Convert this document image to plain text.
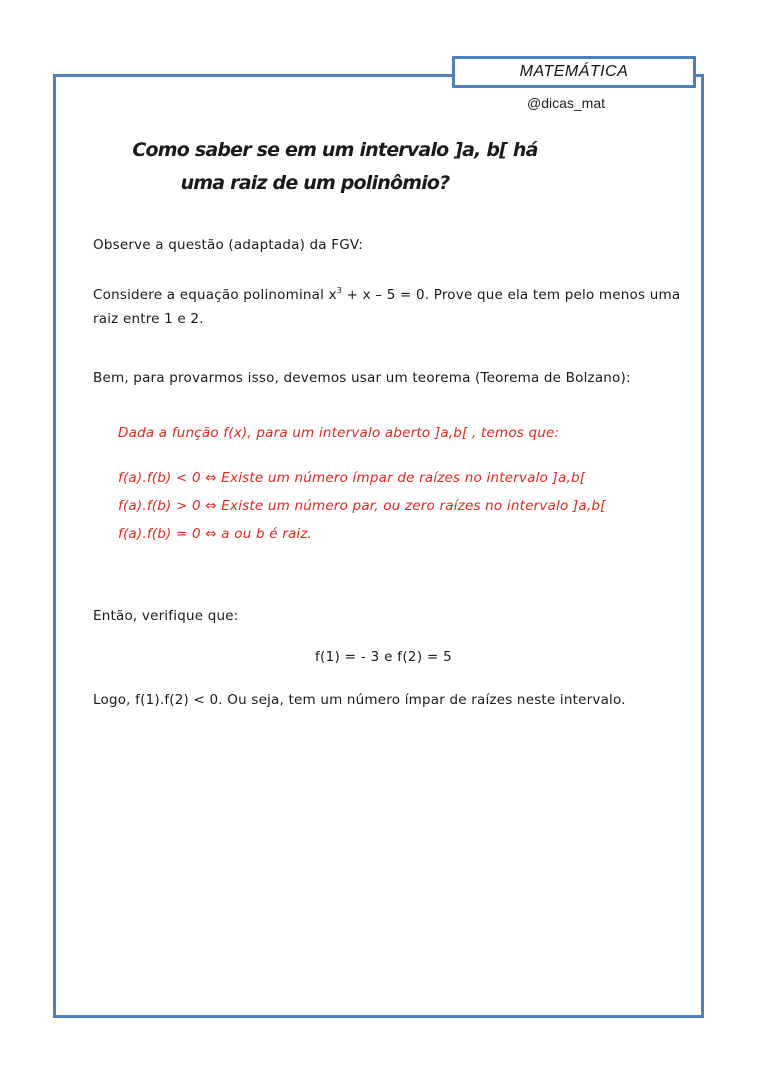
MATEMÁTICA
@dicas_mat
Como saber se em um intervalo ]a, b[ há
uma raiz de um polinômio?
Observe a questão (adaptada) da FGV:
Considere a equação polinominal $x^3 + x - 5 = 0$. Prove que ela tem pelo menos uma
raiz entre 1 e 2.
Bem, para provarmos isso, devemos usar um teorema (Teorema de Bolzano):
Dada a função f(x), para um intervalo aberto ]a,b[ , temos que:
f(a).f(b) < 0 ⇔ Existe um número ímpar de raízes no intervalo ]a,b[
f(a).f(b) > 0 ⇔ Existe um número par, ou zero raízes no intervalo ]a,b[
f(a).f(b) = 0 ⇔ a ou b é raiz.
Então, verifique que:
f(1) = - 3 e f(2) = 5
Logo, f(1).f(2) < 0. Ou seja, tem um número ímpar de raízes neste intervalo.
